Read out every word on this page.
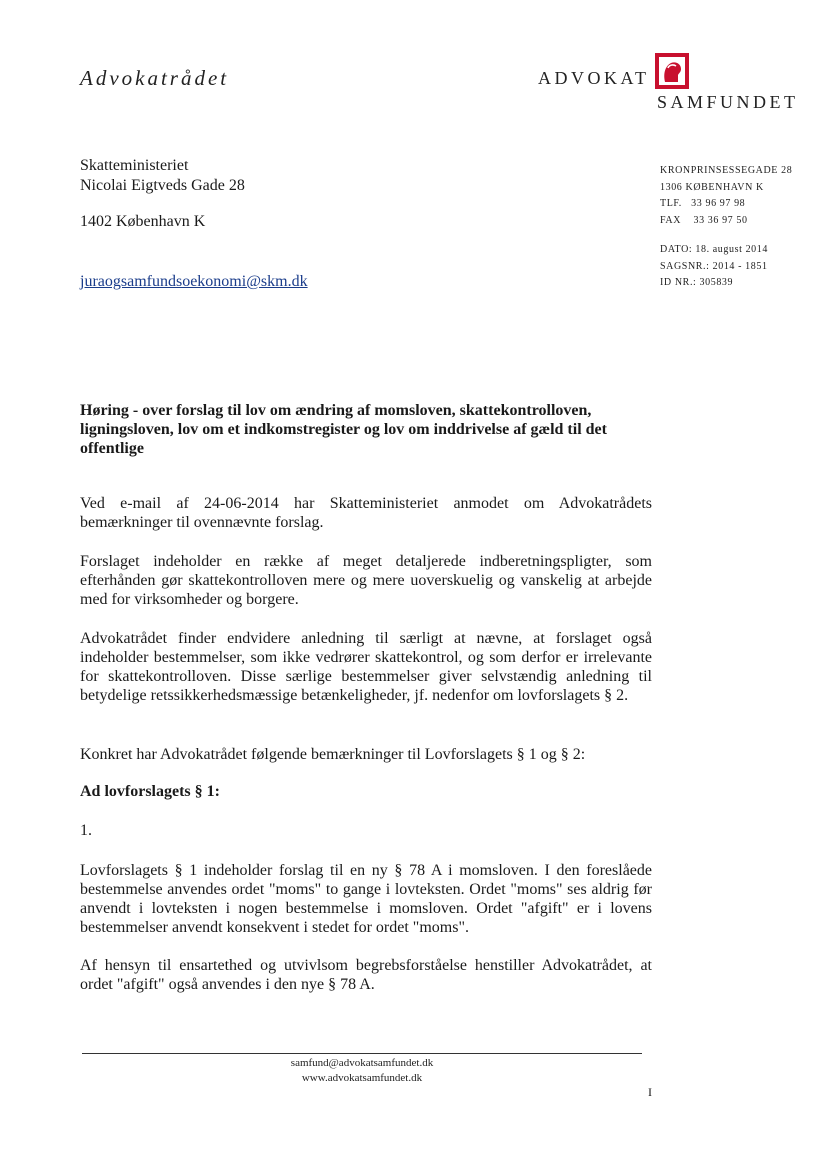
Advokatrådet	ADVOKAT
SAMFUNDET
Skatteministeriet
Nicolai Eigtveds Gade 28
1402 København K
juraogsamfundsoekonomi@skm.dk
KRONPRINSESSEGADE 28
1306 KØBENHAVN K
TLF.   33 96 97 98
FAX    33 36 97 50
DATO: 18. august 2014
SAGSNR.: 2014 - 1851
ID NR.: 305839
Høring - over forslag til lov om ændring af momsloven, skattekontrolloven, ligningsloven, lov om et indkomstregister og lov om inddrivelse af gæld til det offentlige
Ved e-mail af 24-06-2014 har Skatteministeriet anmodet om Advokatrådets bemærkninger til ovennævnte forslag.
Forslaget indeholder en række af meget detaljerede indberetningspligter, som efterhånden gør skattekontrolloven mere og mere uoverskuelig og vanskelig at arbejde med for virksomheder og borgere.
Advokatrådet finder endvidere anledning til særligt at nævne, at forslaget også indeholder bestemmelser, som ikke vedrører skattekontrol, og som derfor er irrelevante for skattekontrolloven. Disse særlige bestemmelser giver selvstændig anledning til betydelige retssikkerhedsmæssige betænkeligheder, jf. nedenfor om lovforslagets § 2.
Konkret har Advokatrådet følgende bemærkninger til Lovforslagets § 1 og § 2:
Ad lovforslagets § 1:
1.
Lovforslagets § 1 indeholder forslag til en ny § 78 A i momsloven. I den foreslåede bestemmelse anvendes ordet "moms" to gange i lovteksten. Ordet "moms" ses aldrig før anvendt i lovteksten i nogen bestemmelse i momsloven. Ordet "afgift" er i lovens bestemmelser anvendt konsekvent i stedet for ordet "moms".
Af hensyn til ensartethed og utvivlsom begrebsforståelse henstiller Advokatrådet, at ordet "afgift" også anvendes i den nye § 78 A.
samfund@advokatsamfundet.dk
www.advokatsamfundet.dk
I
